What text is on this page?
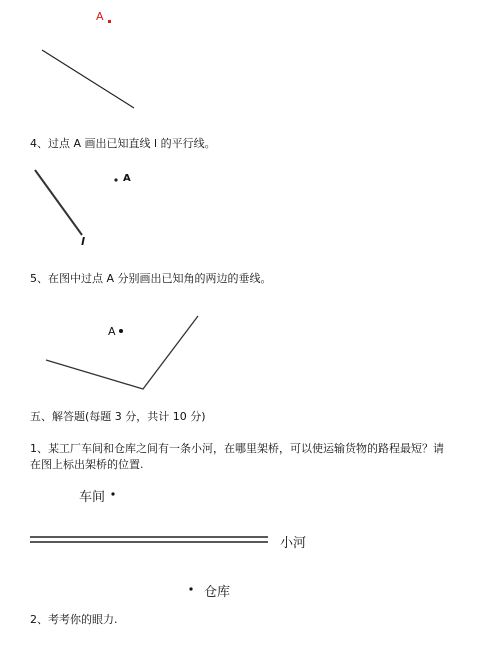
A
4、过点 A 画出已知直线 l 的平行线。
A
l
5、在图中过点 A 分别画出已知角的两边的垂线。
A
五、解答题(每题 3 分，共计 10 分)
1、某工厂车间和仓库之间有一条小河，在哪里架桥，可以使运输货物的路程最短？请在图上标出架桥的位置.
车间
小河
仓库
2、考考你的眼力.
